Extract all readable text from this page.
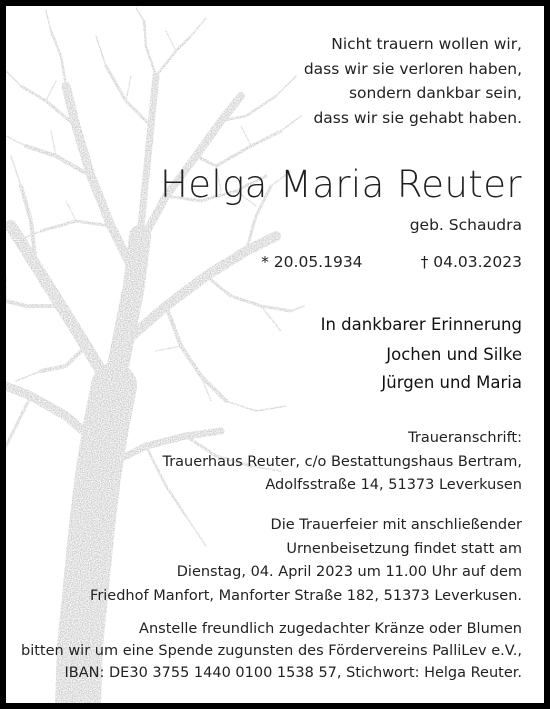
Nicht trauern wollen wir,
dass wir sie verloren haben,
sondern dankbar sein,
dass wir sie gehabt haben.
Helga Maria Reuter
geb. Schaudra
* 20.05.1934	† 04.03.2023
In dankbarer Erinnerung
Jochen und Silke
Jürgen und Maria
Traueranschrift:
Trauerhaus Reuter, c/o Bestattungshaus Bertram,
Adolfsstraße 14, 51373 Leverkusen
Die Trauerfeier mit anschließender
Urnenbeisetzung findet statt am
Dienstag, 04. April 2023 um 11.00 Uhr auf dem
Friedhof Manfort, Manforter Straße 182, 51373 Leverkusen.
Anstelle freundlich zugedachter Kränze oder Blumen
bitten wir um eine Spende zugunsten des Fördervereins PalliLev e.V.,
IBAN: DE30 3755 1440 0100 1538 57, Stichwort: Helga Reuter.
